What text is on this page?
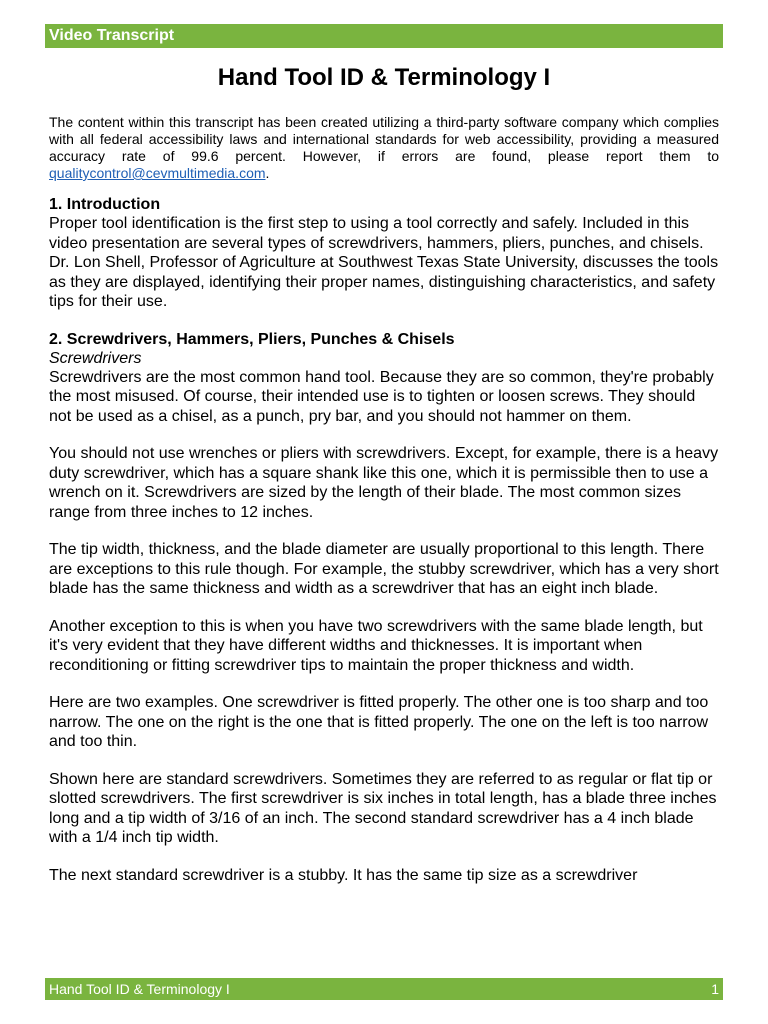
Video Transcript
Hand Tool ID & Terminology I

The content within this transcript has been created utilizing a third-party software company which complies with all federal accessibility laws and international standards for web accessibility, providing a measured accuracy rate of 99.6 percent. However, if errors are found, please report them to qualitycontrol@cevmultimedia.com.

1. Introduction

Proper tool identification is the first step to using a tool correctly and safely. Included in this video presentation are several types of screwdrivers, hammers, pliers, punches, and chisels. Dr. Lon Shell, Professor of Agriculture at Southwest Texas State University, discusses the tools as they are displayed, identifying their proper names, distinguishing characteristics, and safety tips for their use.

2. Screwdrivers, Hammers, Pliers, Punches & Chisels

Screwdrivers

Screwdrivers are the most common hand tool. Because they are so common, they're probably the most misused. Of course, their intended use is to tighten or loosen screws. They should not be used as a chisel, as a punch, pry bar, and you should not hammer on them.

You should not use wrenches or pliers with screwdrivers. Except, for example, there is a heavy duty screwdriver, which has a square shank like this one, which it is permissible then to use a wrench on it. Screwdrivers are sized by the length of their blade. The most common sizes range from three inches to 12 inches.

The tip width, thickness, and the blade diameter are usually proportional to this length. There are exceptions to this rule though. For example, the stubby screwdriver, which has a very short blade has the same thickness and width as a screwdriver that has an eight inch blade.

Another exception to this is when you have two screwdrivers with the same blade length, but it's very evident that they have different widths and thicknesses. It is important when reconditioning or fitting screwdriver tips to maintain the proper thickness and width.

Here are two examples. One screwdriver is fitted properly. The other one is too sharp and too narrow. The one on the right is the one that is fitted properly. The one on the left is too narrow and too thin.

Shown here are standard screwdrivers. Sometimes they are referred to as regular or flat tip or slotted screwdrivers. The first screwdriver is six inches in total length, has a blade three inches long and a tip width of 3/16 of an inch. The second standard screwdriver has a 4 inch blade with a 1/4 inch tip width.

The next standard screwdriver is a stubby. It has the same tip size as a screwdriver

Hand Tool ID & Terminology I	1
